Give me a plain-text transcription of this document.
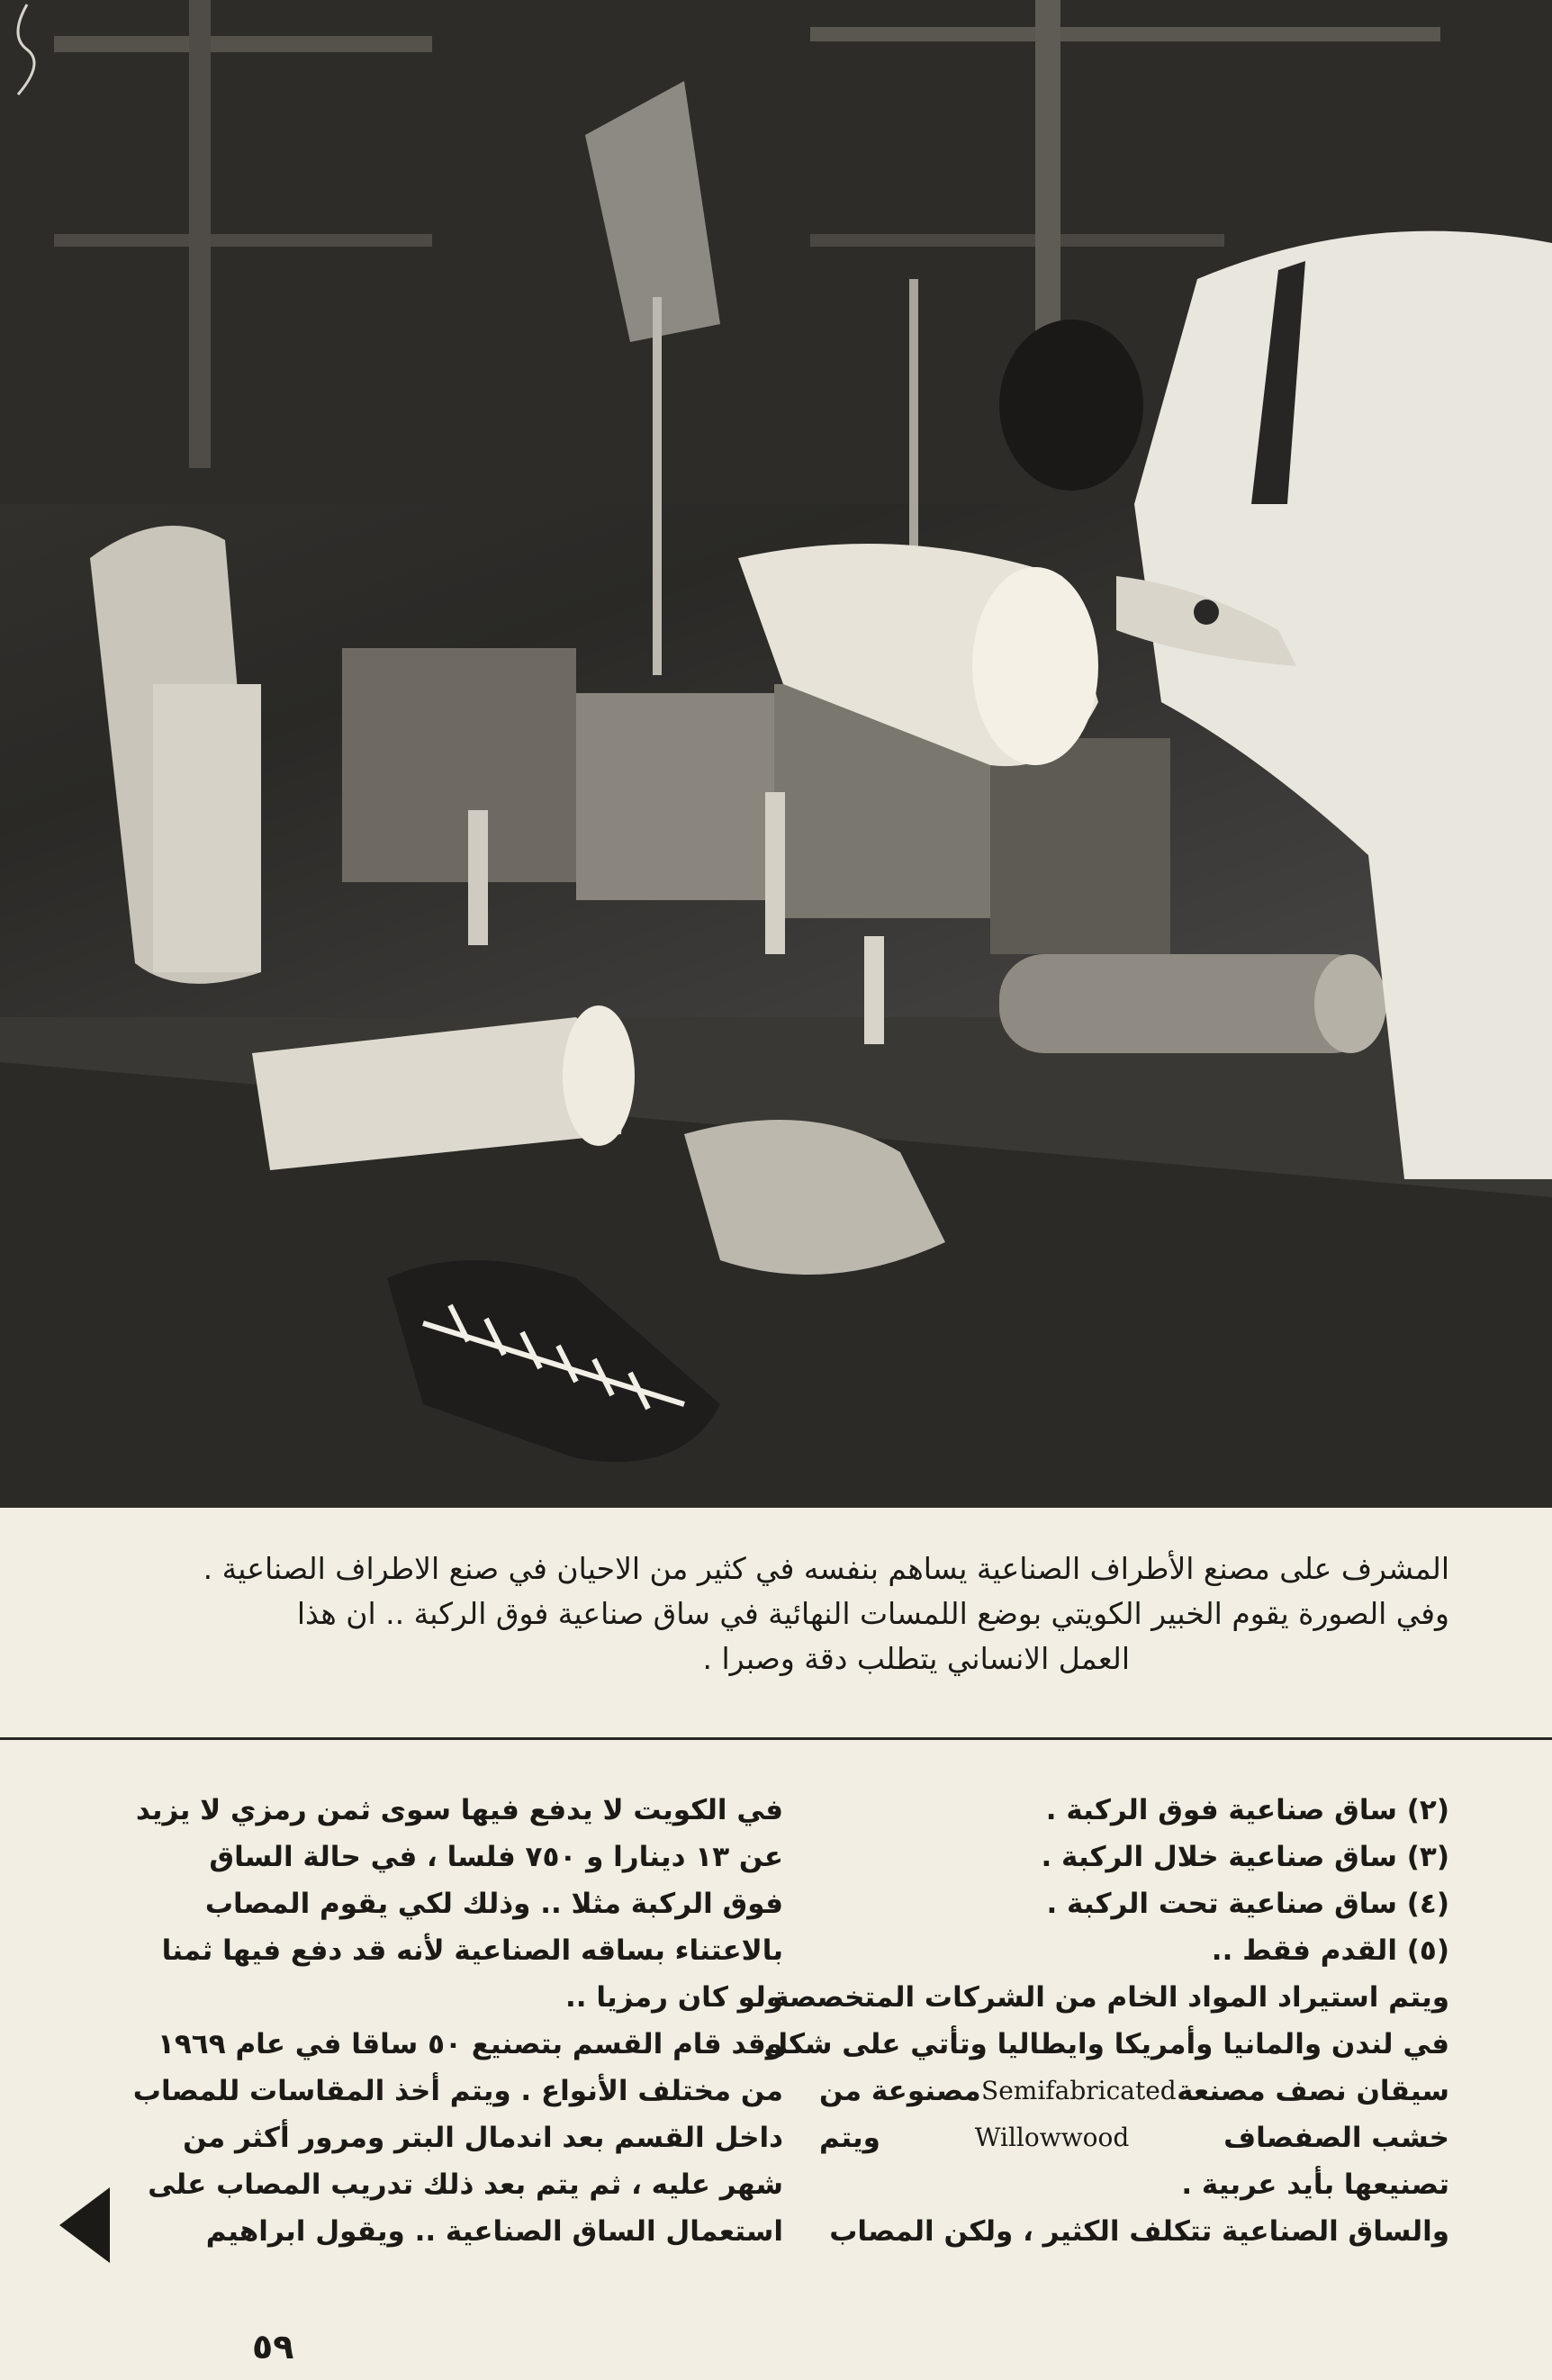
المشرف على مصنع الأطراف الصناعية يساهم بنفسه في كثير من الاحيان في صنع الاطراف الصناعية .

وفي الصورة يقوم الخبير الكويتي بوضع اللمسات النهائية في ساق صناعية فوق الركبة .. ان هذا

العمل الانساني يتطلب دقة وصبرا .

(٢) ساق صناعية فوق الركبة .

(٣) ساق صناعية خلال الركبة .

(٤) ساق صناعية تحت الركبة .

(٥) القدم فقط ..

ويتم استيراد المواد الخام من الشركات المتخصصة

في لندن والمانيا وأمريكا وايطاليا وتأتي على شكل

سيقان نصف مصنعة
Semifabricated
مصنوعة من

خشب الصفصاف
Willowwood
ويتم

تصنيعها بأيد عربية .

والساق الصناعية تتكلف الكثير ، ولكن المصاب

في الكويت لا يدفع فيها سوى ثمن رمزي لا يزيد

عن ١٣ دينارا و ٧٥٠ فلسا ، في حالة الساق

فوق الركبة مثلا .. وذلك لكي يقوم المصاب

بالاعتناء بساقه الصناعية لأنه قد دفع فيها ثمنا

ولو كان رمزيا ..

وقد قام القسم بتصنيع ٥٠ ساقا في عام ١٩٦٩

من مختلف الأنواع . ويتم أخذ المقاسات للمصاب

داخل القسم بعد اندمال البتر ومرور أكثر من

شهر عليه ، ثم يتم بعد ذلك تدريب المصاب على

استعمال الساق الصناعية .. ويقول ابراهيم

٥٩
